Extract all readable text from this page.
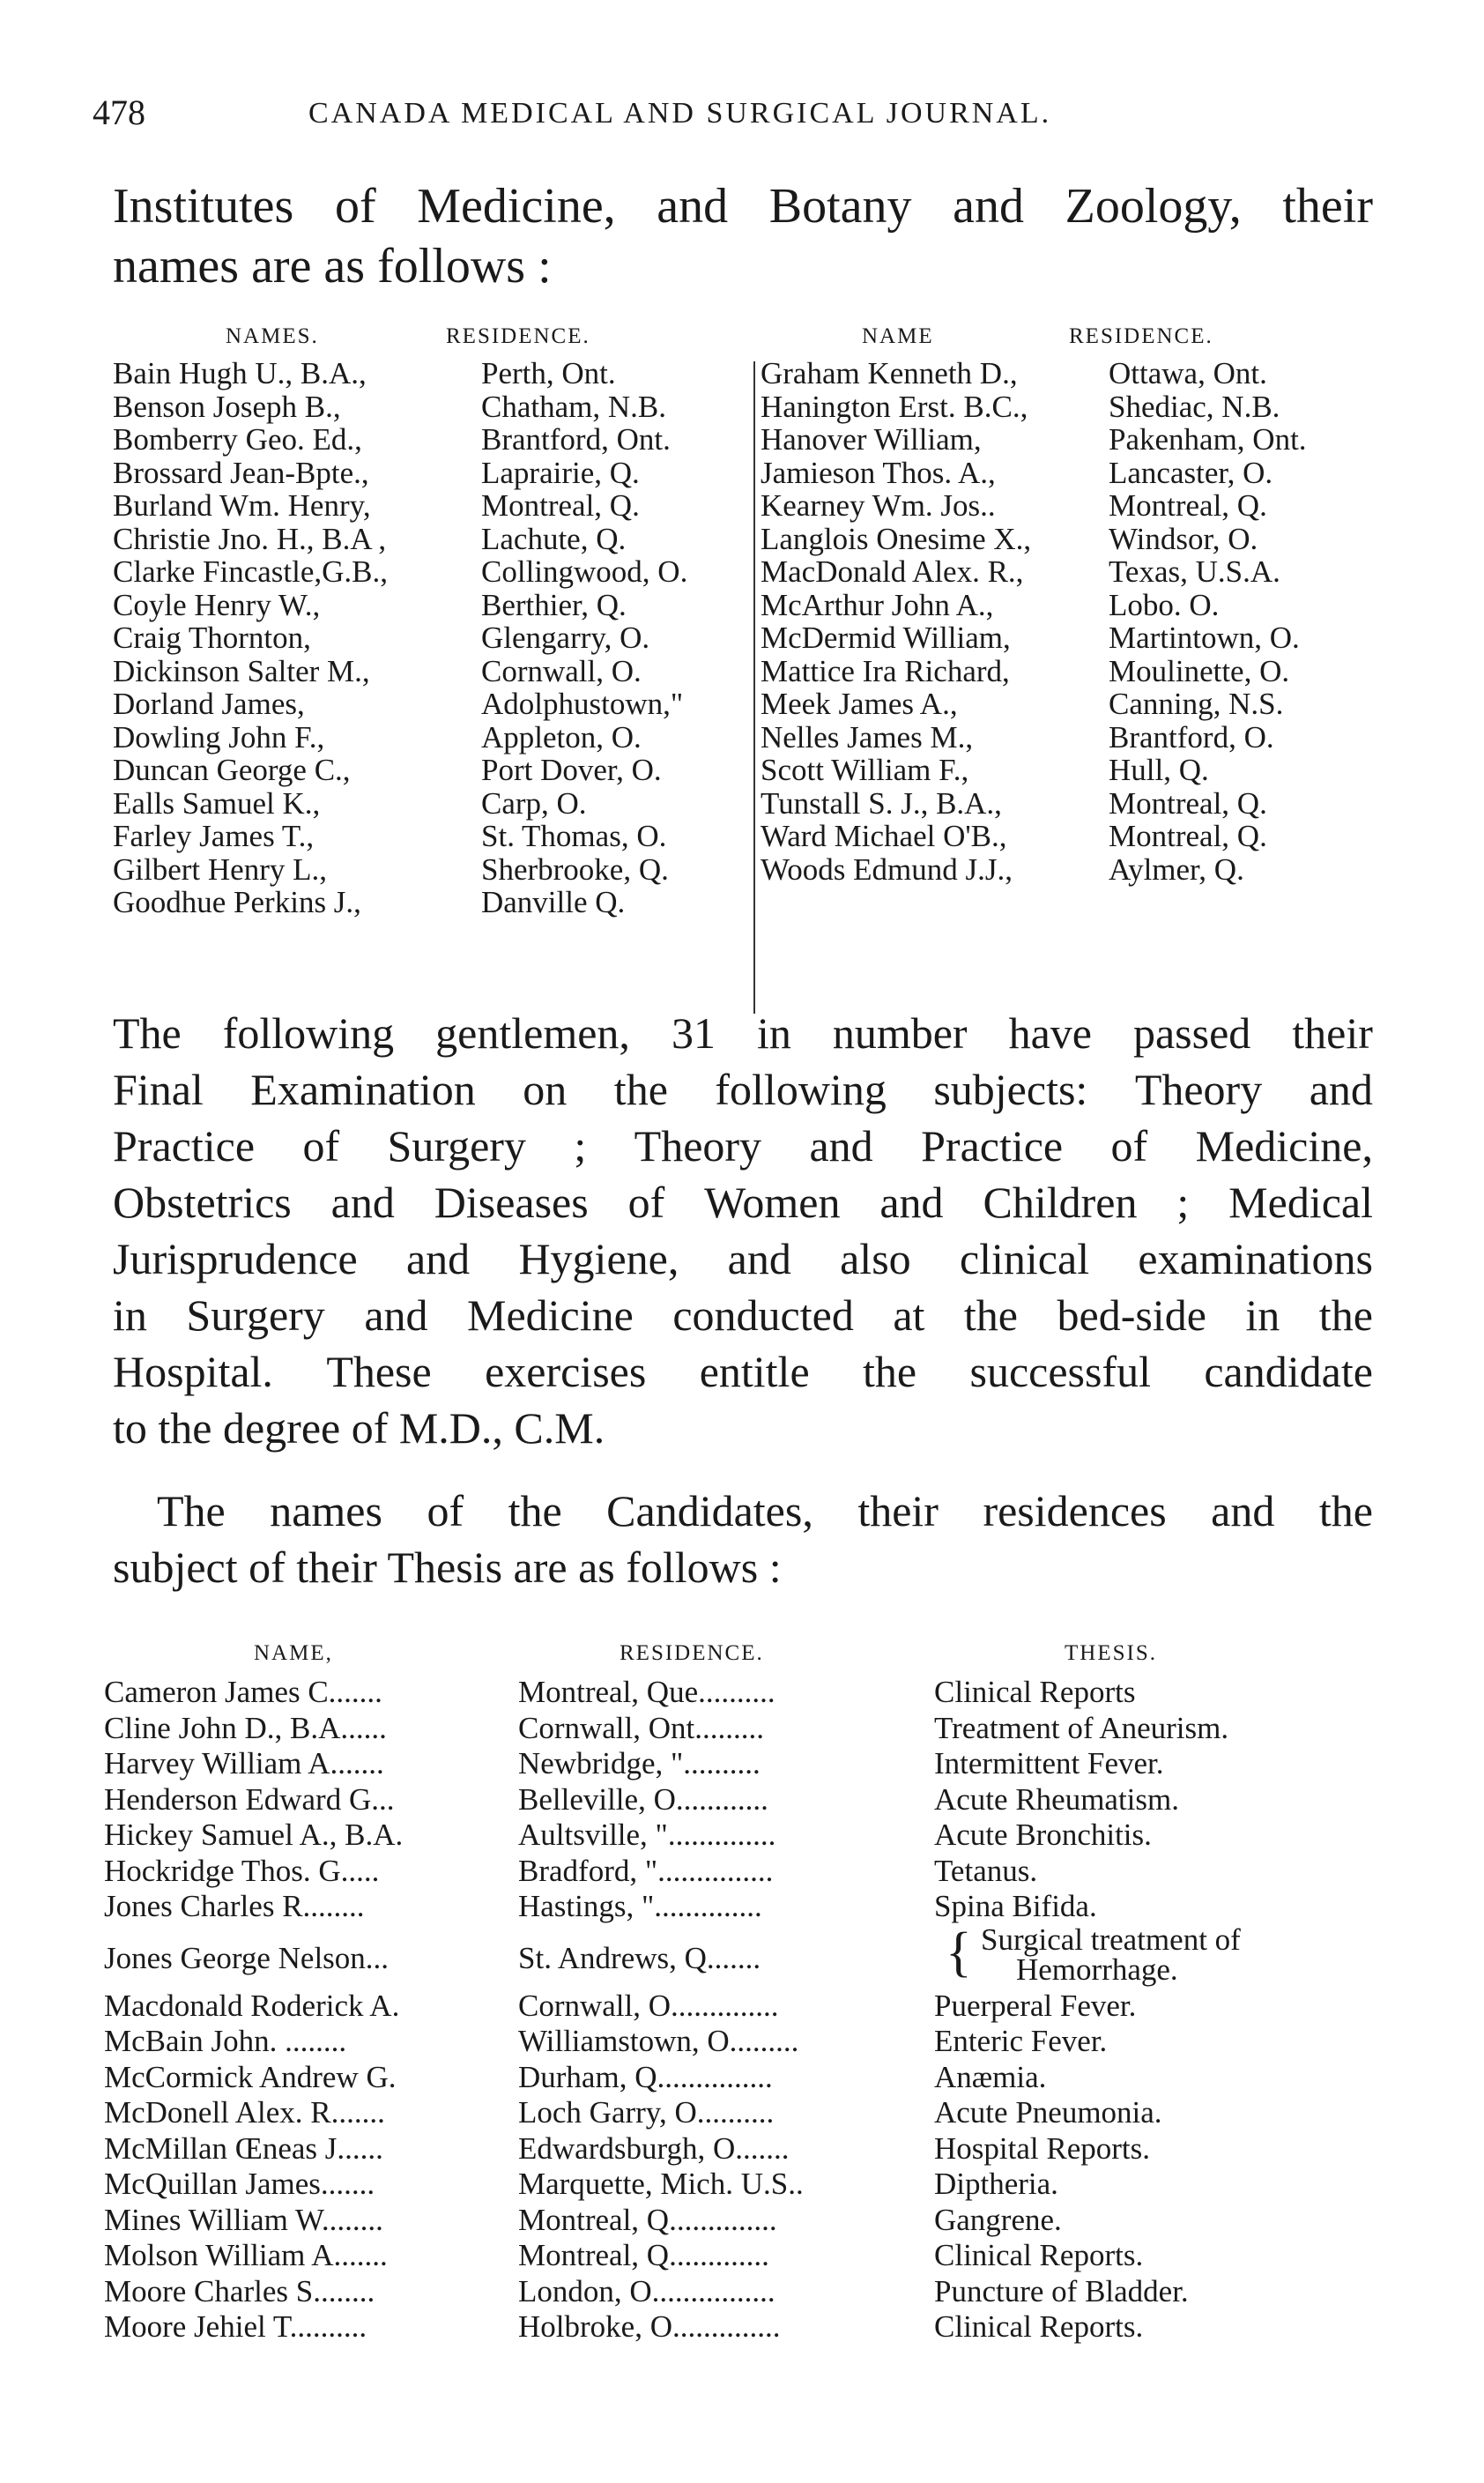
478	CANADA MEDICAL AND SURGICAL JOURNAL.
Institutes of Medicine, and Botany and Zoology, their
names are as follows :
NAMES.	RESIDENCE.
Bain Hugh U., B.A.,	Perth, Ont.
Benson Joseph B.,	Chatham, N.B.
Bomberry Geo. Ed.,	Brantford, Ont.
Brossard Jean-Bpte.,	Laprairie, Q.
Burland Wm. Henry,	Montreal, Q.
Christie Jno. H., B.A ,	Lachute, Q.
Clarke Fincastle,G.B.,	Collingwood, O.
Coyle Henry W.,	Berthier, Q.
Craig Thornton,	Glengarry, O.
Dickinson Salter M.,	Cornwall, O.
Dorland James,	Adolphustown,"
Dowling John F.,	Appleton, O.
Duncan George C.,	Port Dover, O.
Ealls Samuel K.,	Carp, O.
Farley James T.,	St. Thomas, O.
Gilbert Henry L.,	Sherbrooke, Q.
Goodhue Perkins J.,	Danville Q.
NAME	RESIDENCE.
Graham Kenneth D.,	Ottawa, Ont.
Hanington Erst. B.C.,	Shediac, N.B.
Hanover William,	Pakenham, Ont.
Jamieson Thos. A.,	Lancaster, O.
Kearney Wm. Jos..	Montreal, Q.
Langlois Onesime X.,	Windsor, O.
MacDonald Alex. R.,	Texas, U.S.A.
McArthur John A.,	Lobo. O.
McDermid William,	Martintown, O.
Mattice Ira Richard,	Moulinette, O.
Meek James A.,	Canning, N.S.
Nelles James M.,	Brantford, O.
Scott William F.,	Hull, Q.
Tunstall S. J., B.A.,	Montreal, Q.
Ward Michael O'B.,	Montreal, Q.
Woods Edmund J.J.,	Aylmer, Q.
The following gentlemen, 31 in number have passed their
Final Examination on the following subjects: Theory and
Practice of Surgery ; Theory and Practice of Medicine,
Obstetrics and Diseases of Women and Children ; Medical
Jurisprudence and Hygiene, and also clinical examinations
in Surgery and Medicine conducted at the bed-side in the
Hospital. These exercises entitle the successful candidate
to the degree of M.D., C.M.
The names of the Candidates, their residences and the
subject of their Thesis are as follows :
NAME,	RESIDENCE.	THESIS.
Cameron James C.......	Montreal, Que..........	Clinical Reports
Cline John D., B.A......	Cornwall, Ont.........	Treatment of Aneurism.
Harvey William A.......	Newbridge, "..........	Intermittent Fever.
Henderson Edward G...	Belleville, O............	Acute Rheumatism.
Hickey Samuel A., B.A.	Aultsville, "..............	Acute Bronchitis.
Hockridge Thos. G.....	Bradford, "...............	Tetanus.
Jones Charles R........	Hastings, "..............	Spina Bifida.
Jones George Nelson...	St. Andrews, Q.......	{ Surgical treatment of
Hemorrhage.
Macdonald Roderick A.	Cornwall, O..............	Puerperal Fever.
McBain John. ........	Williamstown, O.........	Enteric Fever.
McCormick Andrew G.	Durham, Q...............	Anæmia.
McDonell Alex. R.......	Loch Garry, O..........	Acute Pneumonia.
McMillan Œneas J......	Edwardsburgh, O.......	Hospital Reports.
McQuillan James.......	Marquette, Mich. U.S..	Diptheria.
Mines William W........	Montreal, Q..............	Gangrene.
Molson William A.......	Montreal, Q.............	Clinical Reports.
Moore Charles S........	London, O................	Puncture of Bladder.
Moore Jehiel T..........	Holbroke, O..............	Clinical Reports.
